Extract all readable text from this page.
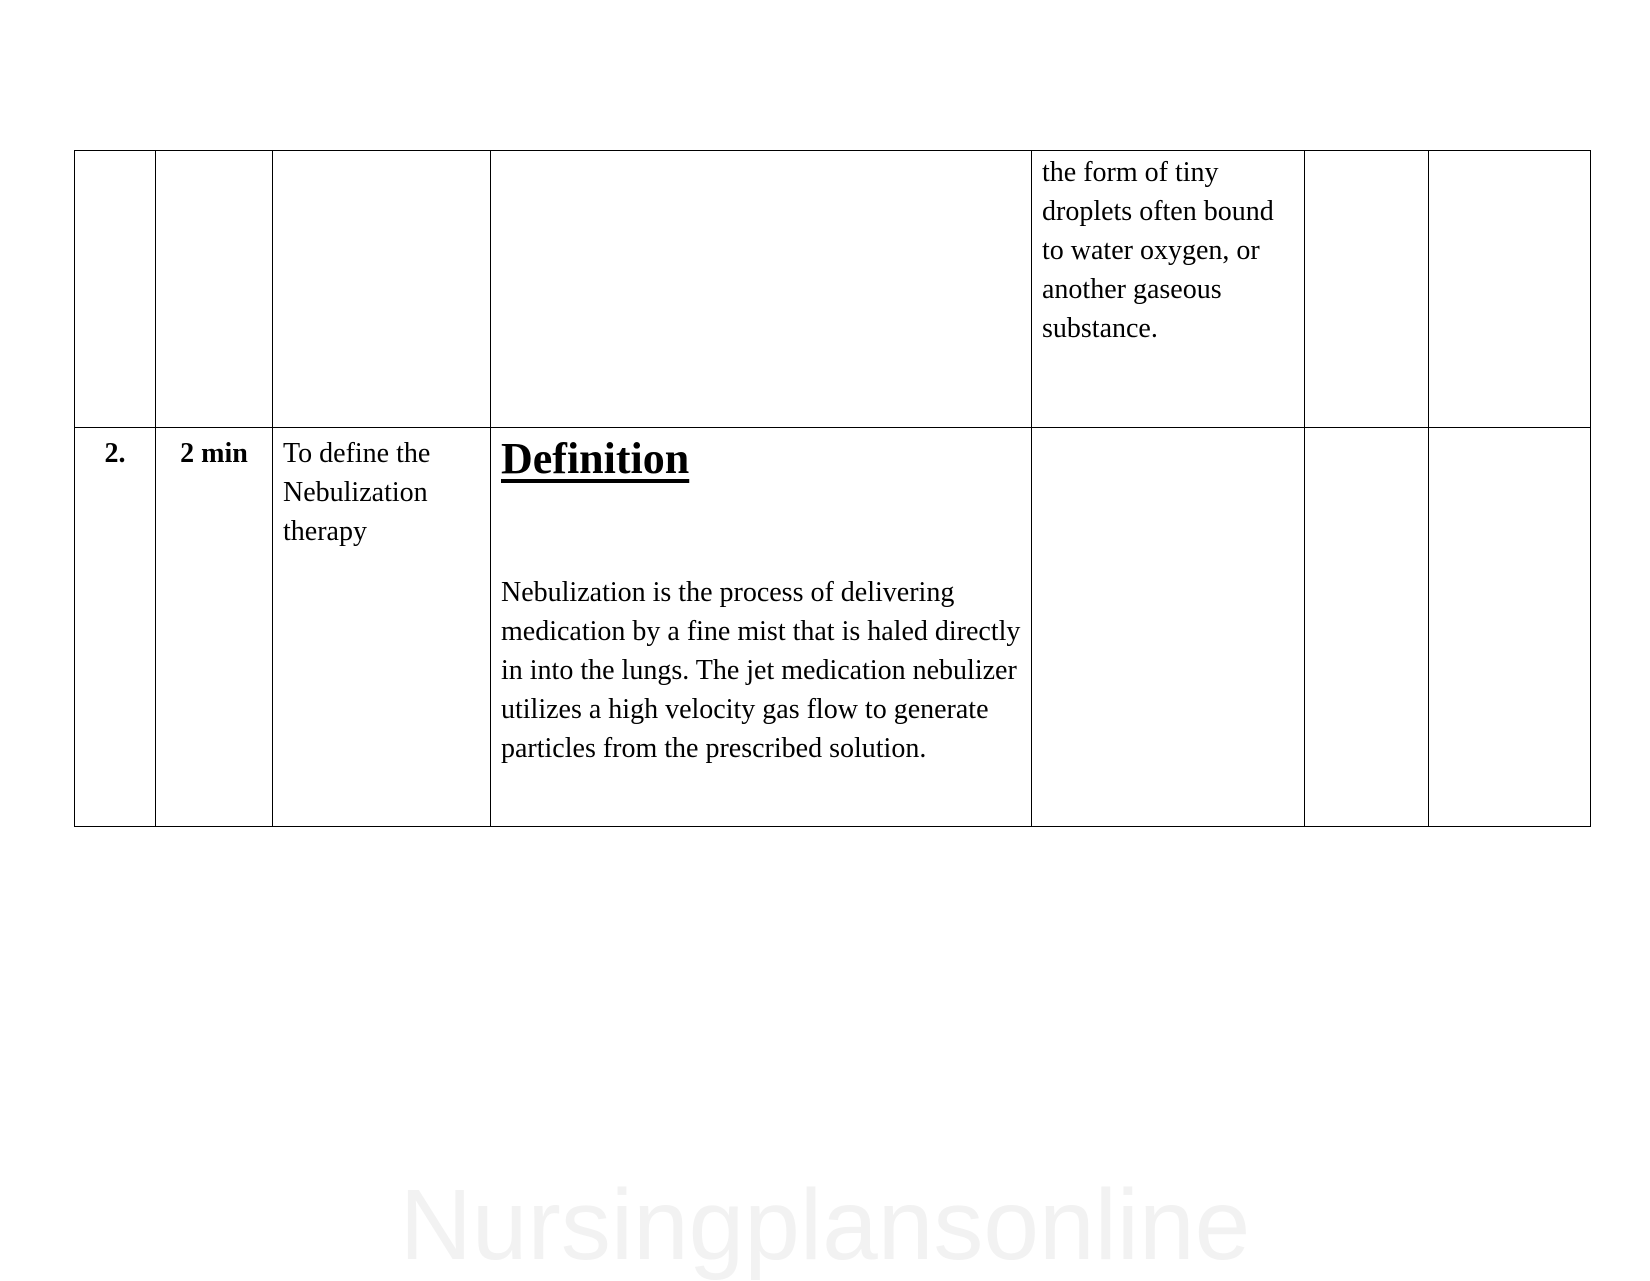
				the form of tiny droplets often bound to water oxygen, or another gaseous substance.		
2.	2 min	To define the Nebulization therapy	Definition

Nebulization is the process of delivering medication by a fine mist that is haled directly in into the lungs. The jet medication nebulizer utilizes a high velocity gas flow to generate particles from the prescribed solution.			

Nursingplansonline
